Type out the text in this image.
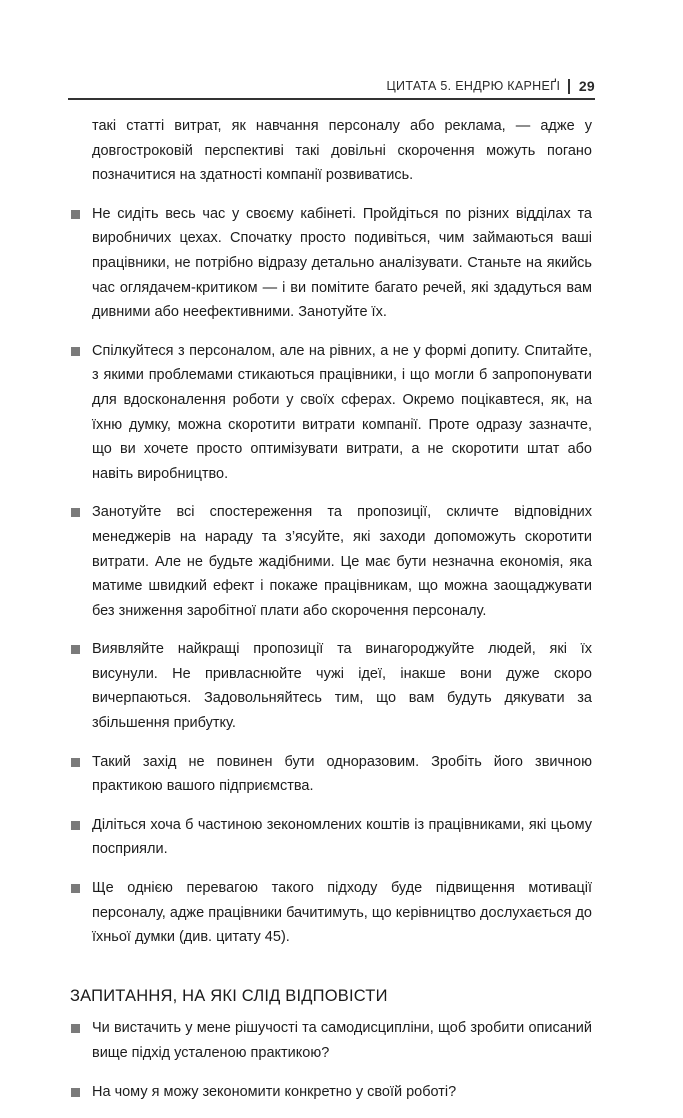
ЦИТАТА 5. ЕНДРЮ КАРНЕҐІ 29

такі статті витрат, як навчання персоналу або реклама, — адже у довгостроковій перспективі такі довільні скорочення можуть погано позначитися на здатності компанії розвиватись.

Не сидіть весь час у своєму кабінеті. Пройдіться по різних відділах та виробничих цехах. Спочатку просто подивіться, чим займаються ваші працівники, не потрібно відразу детально аналізувати. Станьте на якийсь час оглядачем-критиком — і ви помітите багато речей, які здадуться вам дивними або неефективними. Занотуйте їх.
Спілкуйтеся з персоналом, але на рівних, а не у формі допиту. Спитайте, з якими проблемами стикаються працівники, і що могли б запропонувати для вдосконалення роботи у своїх сферах. Окремо поцікавтеся, як, на їхню думку, можна скоротити витрати компанії. Проте одразу зазначте, що ви хочете просто оптимізувати витрати, а не скоротити штат або навіть виробництво.
Занотуйте всі спостереження та пропозиції, скличте відповідних менеджерів на нараду та з’ясуйте, які заходи допоможуть скоротити витрати. Але не будьте жадібними. Це має бути незначна економія, яка матиме швидкий ефект і покаже працівникам, що можна заощаджувати без зниження заробітної плати або скорочення персоналу.
Виявляйте найкращі пропозиції та винагороджуйте людей, які їх висунули. Не привласнюйте чужі ідеї, інакше вони дуже скоро вичерпаються. Задовольняйтесь тим, що вам будуть дякувати за збільшення прибутку.
Такий захід не повинен бути одноразовим. Зробіть його звичною практикою вашого підприємства.
Діліться хоча б частиною зекономлених коштів із працівниками, які цьому посприяли.
Ще однією перевагою такого підходу буде підвищення мотивації персоналу, адже працівники бачитимуть, що керівництво дослухається до їхньої думки (див. цитату 45).
ЗАПИТАННЯ, НА ЯКІ СЛІД ВІДПОВІСТИ
Чи вистачить у мене рішучості та самодисципліни, щоб зробити описаний вище підхід усталеною практикою?
На чому я можу зекономити конкретно у своїй роботі?
